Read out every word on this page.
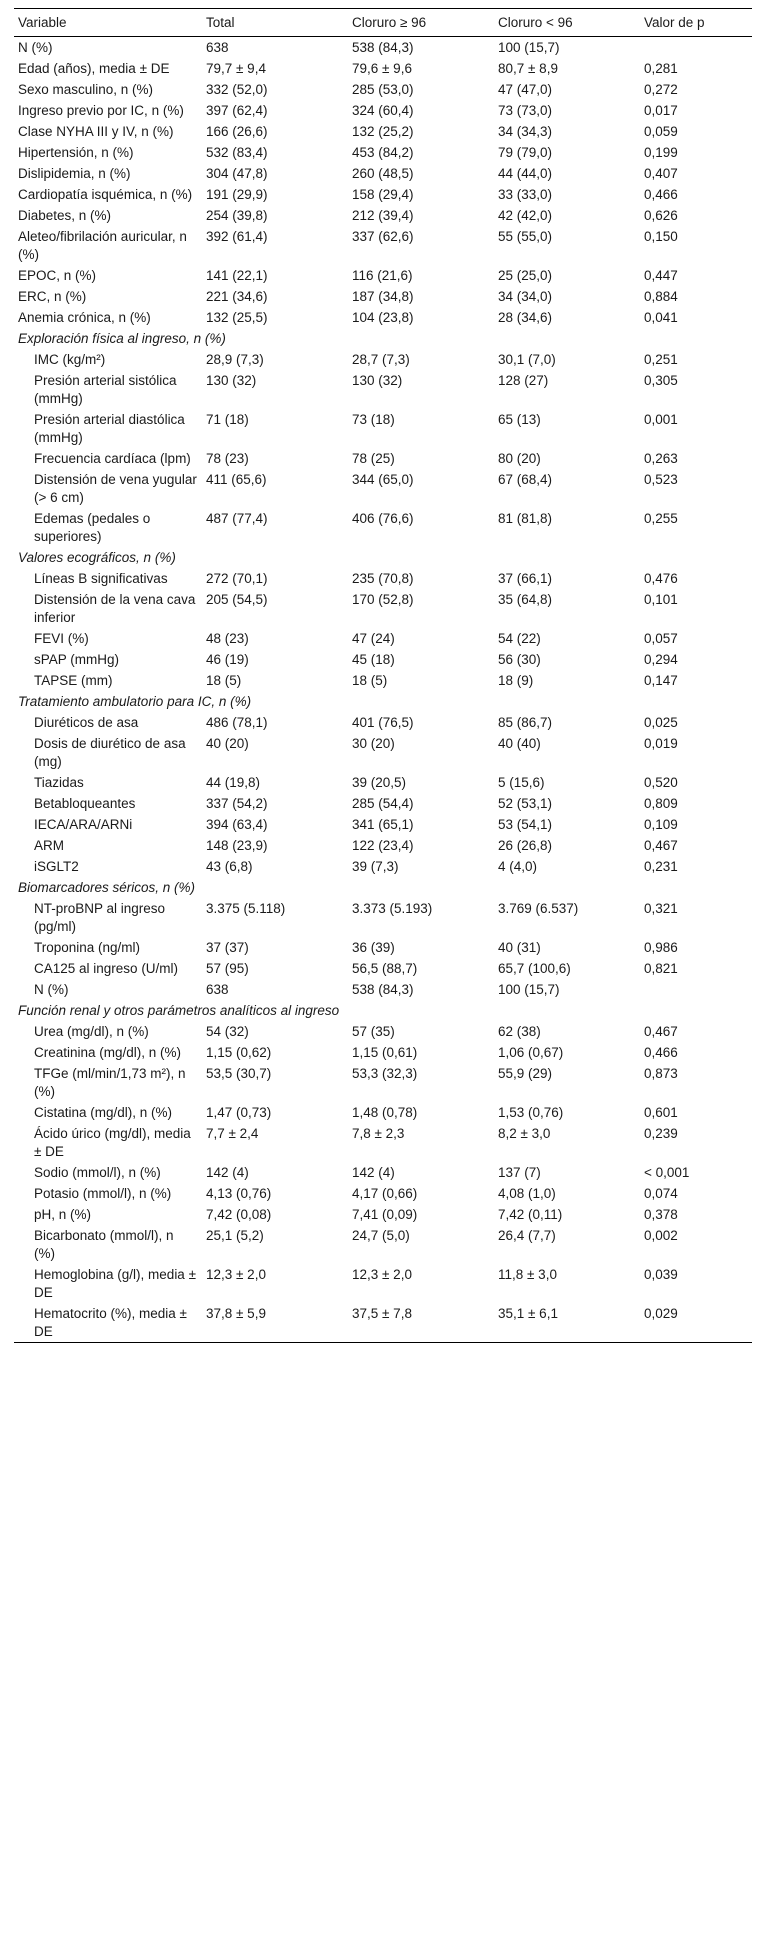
Variable	Total	Cloruro ≥ 96	Cloruro < 96	Valor de p
N (%)	638	538 (84,3)	100 (15,7)	
Edad (años), media ± DE	79,7 ± 9,4	79,6 ± 9,6	80,7 ± 8,9	0,281
Sexo masculino, n (%)	332 (52,0)	285 (53,0)	47 (47,0)	0,272
Ingreso previo por IC, n (%)	397 (62,4)	324 (60,4)	73 (73,0)	0,017
Clase NYHA III y IV, n (%)	166 (26,6)	132 (25,2)	34 (34,3)	0,059
Hipertensión, n (%)	532 (83,4)	453 (84,2)	79 (79,0)	0,199
Dislipidemia, n (%)	304 (47,8)	260 (48,5)	44 (44,0)	0,407
Cardiopatía isquémica, n (%)	191 (29,9)	158 (29,4)	33 (33,0)	0,466
Diabetes, n (%)	254 (39,8)	212 (39,4)	42 (42,0)	0,626
Aleteo/fibrilación auricular, n (%)	392 (61,4)	337 (62,6)	55 (55,0)	0,150
EPOC, n (%)	141 (22,1)	116 (21,6)	25 (25,0)	0,447
ERC, n (%)	221 (34,6)	187 (34,8)	34 (34,0)	0,884
Anemia crónica, n (%)	132 (25,5)	104 (23,8)	28 (34,6)	0,041
Exploración física al ingreso, n (%)				
IMC (kg/m²)	28,9 (7,3)	28,7 (7,3)	30,1 (7,0)	0,251
Presión arterial sistólica (mmHg)	130 (32)	130 (32)	128 (27)	0,305
Presión arterial diastólica (mmHg)	71 (18)	73 (18)	65 (13)	0,001
Frecuencia cardíaca (lpm)	78 (23)	78 (25)	80 (20)	0,263
Distensión de vena yugular (> 6 cm)	411 (65,6)	344 (65,0)	67 (68,4)	0,523
Edemas (pedales o superiores)	487 (77,4)	406 (76,6)	81 (81,8)	0,255
Valores ecográficos, n (%)				
Líneas B significativas	272 (70,1)	235 (70,8)	37 (66,1)	0,476
Distensión de la vena cava inferior	205 (54,5)	170 (52,8)	35 (64,8)	0,101
FEVI (%)	48 (23)	47 (24)	54 (22)	0,057
sPAP (mmHg)	46 (19)	45 (18)	56 (30)	0,294
TAPSE (mm)	18 (5)	18 (5)	18 (9)	0,147
Tratamiento ambulatorio para IC, n (%)				
Diuréticos de asa	486 (78,1)	401 (76,5)	85 (86,7)	0,025
Dosis de diurético de asa (mg)	40 (20)	30 (20)	40 (40)	0,019
Tiazidas	44 (19,8)	39 (20,5)	5 (15,6)	0,520
Betabloqueantes	337 (54,2)	285 (54,4)	52 (53,1)	0,809
IECA/ARA/ARNi	394 (63,4)	341 (65,1)	53 (54,1)	0,109
ARM	148 (23,9)	122 (23,4)	26 (26,8)	0,467
iSGLT2	43 (6,8)	39 (7,3)	4 (4,0)	0,231
Biomarcadores séricos, n (%)				
NT-proBNP al ingreso (pg/ml)	3.375 (5.118)	3.373 (5.193)	3.769 (6.537)	0,321
Troponina (ng/ml)	37 (37)	36 (39)	40 (31)	0,986
CA125 al ingreso (U/ml)	57 (95)	56,5 (88,7)	65,7 (100,6)	0,821
N (%)	638	538 (84,3)	100 (15,7)	
Función renal y otros parámetros analíticos al ingreso				
Urea (mg/dl), n (%)	54 (32)	57 (35)	62 (38)	0,467
Creatinina (mg/dl), n (%)	1,15 (0,62)	1,15 (0,61)	1,06 (0,67)	0,466
TFGe (ml/min/1,73 m²), n (%)	53,5 (30,7)	53,3 (32,3)	55,9 (29)	0,873
Cistatina (mg/dl), n (%)	1,47 (0,73)	1,48 (0,78)	1,53 (0,76)	0,601
Ácido úrico (mg/dl), media ± DE	7,7 ± 2,4	7,8 ± 2,3	8,2 ± 3,0	0,239
Sodio (mmol/l), n (%)	142 (4)	142 (4)	137 (7)	< 0,001
Potasio (mmol/l), n (%)	4,13 (0,76)	4,17 (0,66)	4,08 (1,0)	0,074
pH, n (%)	7,42 (0,08)	7,41 (0,09)	7,42 (0,11)	0,378
Bicarbonato (mmol/l), n (%)	25,1 (5,2)	24,7 (5,0)	26,4 (7,7)	0,002
Hemoglobina (g/l), media ± DE	12,3 ± 2,0	12,3 ± 2,0	11,8 ± 3,0	0,039
Hematocrito (%), media ± DE	37,8 ± 5,9	37,5 ± 7,8	35,1 ± 6,1	0,029
